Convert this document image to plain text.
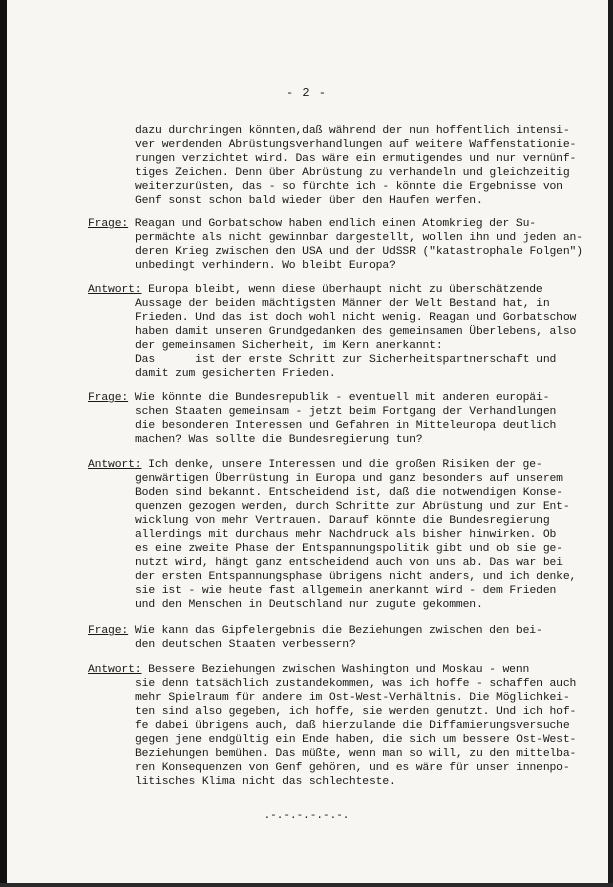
- 2 -
dazu durchringen könnten,daß während der nun hoffentlich intensi-
ver werdenden Abrüstungsverhandlungen auf weitere Waffenstationie-
rungen verzichtet wird. Das wäre ein ermutigendes und nur vernünf-
tiges Zeichen. Denn über Abrüstung zu verhandeln und gleichzeitig
weiterzurüsten, das - so fürchte ich - könnte die Ergebnisse von
Genf sonst schon bald wieder über den Haufen werfen.
Frage: Reagan und Gorbatschow haben endlich einen Atomkrieg der Su-
permächte als nicht gewinnbar dargestellt, wollen ihn und jeden an-
deren Krieg zwischen den USA und der UdSSR ("katastrophale Folgen")
unbedingt verhindern. Wo bleibt Europa?
Antwort: Europa bleibt, wenn diese überhaupt nicht zu überschätzende
Aussage der beiden mächtigsten Männer der Welt Bestand hat, in
Frieden. Und das ist doch wohl nicht wenig. Reagan und Gorbatschow
haben damit unseren Grundgedanken des gemeinsamen Überlebens, also
der gemeinsamen Sicherheit, im Kern anerkannt:
Das      ist der erste Schritt zur Sicherheitspartnerschaft und
damit zum gesicherten Frieden.
Frage: Wie könnte die Bundesrepublik - eventuell mit anderen europäi-
schen Staaten gemeinsam - jetzt beim Fortgang der Verhandlungen
die besonderen Interessen und Gefahren in Mitteleuropa deutlich
machen? Was sollte die Bundesregierung tun?
Antwort: Ich denke, unsere Interessen und die großen Risiken der ge-
genwärtigen Überrüstung in Europa und ganz besonders auf unserem
Boden sind bekannt. Entscheidend ist, daß die notwendigen Konse-
quenzen gezogen werden, durch Schritte zur Abrüstung und zur Ent-
wicklung von mehr Vertrauen. Darauf könnte die Bundesregierung
allerdings mit durchaus mehr Nachdruck als bisher hinwirken. Ob
es eine zweite Phase der Entspannungspolitik gibt und ob sie ge-
nutzt wird, hängt ganz entscheidend auch von uns ab. Das war bei
der ersten Entspannungsphase übrigens nicht anders, und ich denke,
sie ist - wie heute fast allgemein anerkannt wird - dem Frieden
und den Menschen in Deutschland nur zugute gekommen.
Frage: Wie kann das Gipfelergebnis die Beziehungen zwischen den bei-
den deutschen Staaten verbessern?
Antwort: Bessere Beziehungen zwischen Washington und Moskau - wenn
sie denn tatsächlich zustandekommen, was ich hoffe - schaffen auch
mehr Spielraum für andere im Ost-West-Verhältnis. Die Möglichkei-
ten sind also gegeben, ich hoffe, sie werden genutzt. Und ich hof-
fe dabei übrigens auch, daß hierzulande die Diffamierungsversuche
gegen jene endgültig ein Ende haben, die sich um bessere Ost-West-
Beziehungen bemühen. Das müßte, wenn man so will, zu den mittelba-
ren Konsequenzen von Genf gehören, und es wäre für unser innenpo-
litisches Klima nicht das schlechteste.
.-.-.-.-.-.-.
